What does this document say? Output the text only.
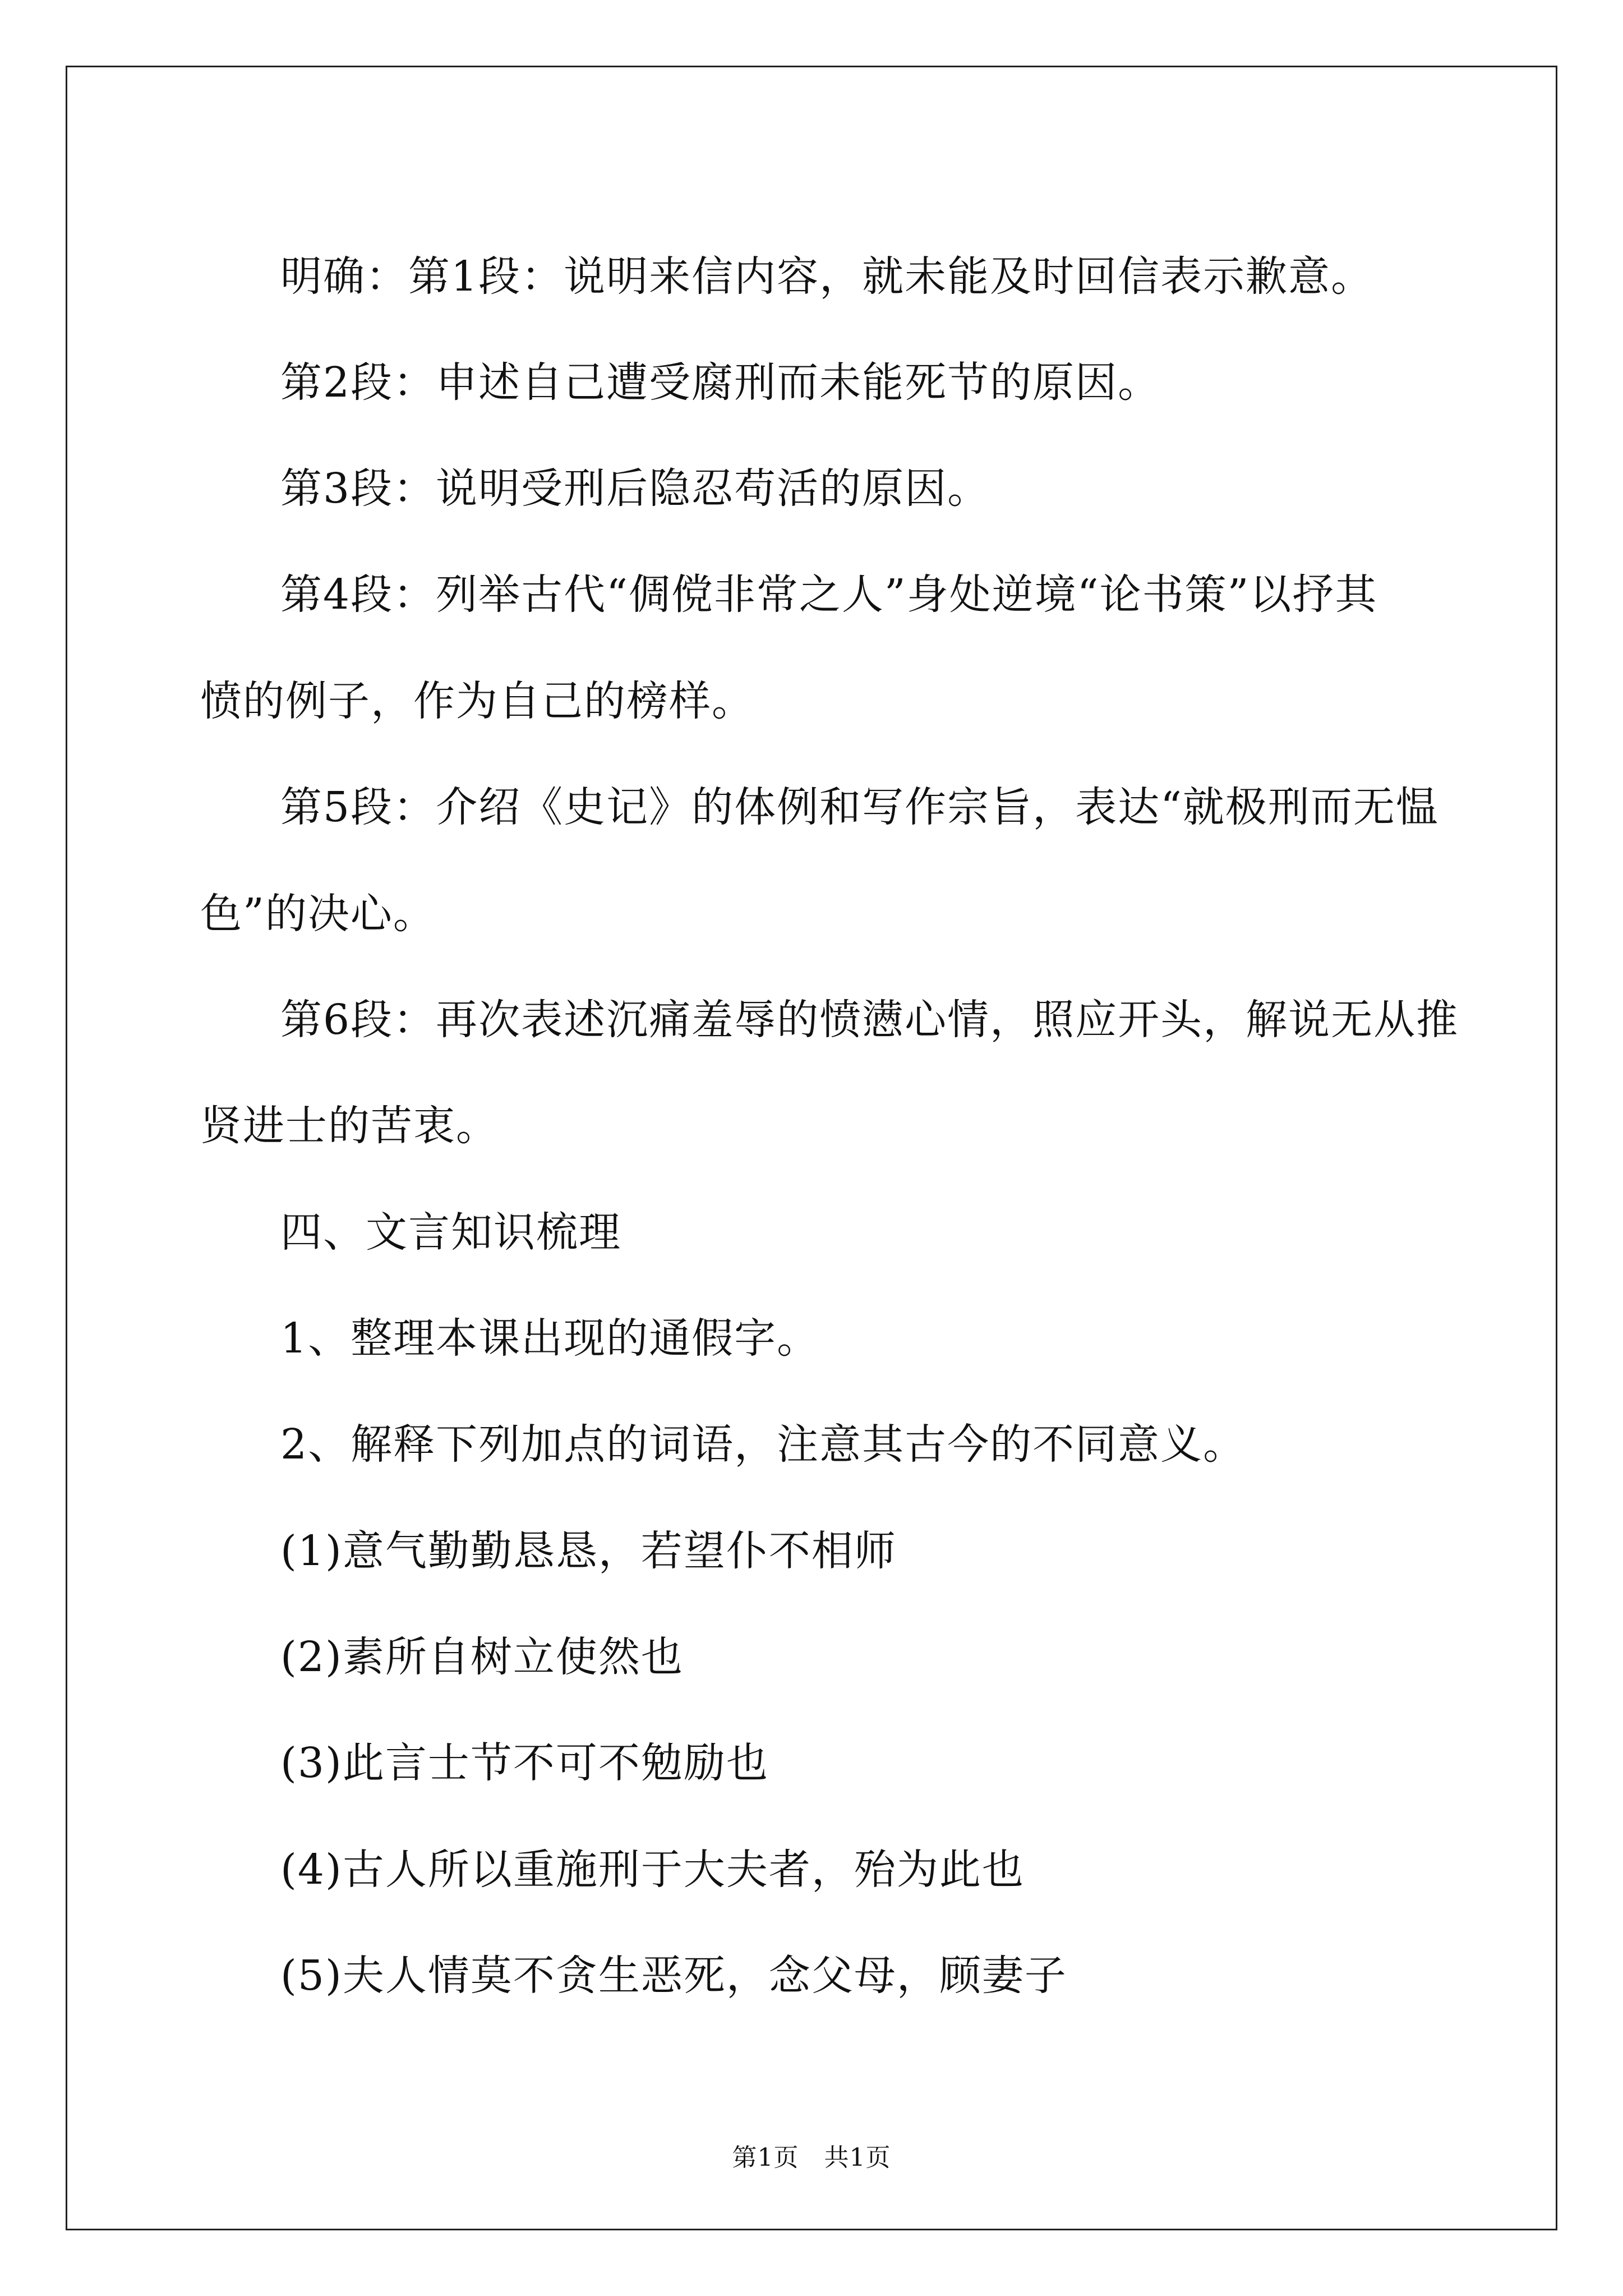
明确：第1段：说明来信内容，就未能及时回信表示歉意。
第2段：申述自己遭受腐刑而未能死节的原因。
第3段：说明受刑后隐忍苟活的原因。
第4段：列举古代“倜傥非常之人”身处逆境“论书策”以抒其
愤的例子，作为自己的榜样。
第5段：介绍《史记》的体例和写作宗旨，表达“就极刑而无愠
色”的决心。
第6段：再次表述沉痛羞辱的愤懑心情，照应开头，解说无从推
贤进士的苦衷。
四、文言知识梳理
1、整理本课出现的通假字。
2、解释下列加点的词语，注意其古今的不同意义。
(1)意气勤勤恳恳，若望仆不相师
(2)素所自树立使然也
(3)此言士节不可不勉励也
(4)古人所以重施刑于大夫者，殆为此也
(5)夫人情莫不贪生恶死，念父母，顾妻子
第1页   共1页
